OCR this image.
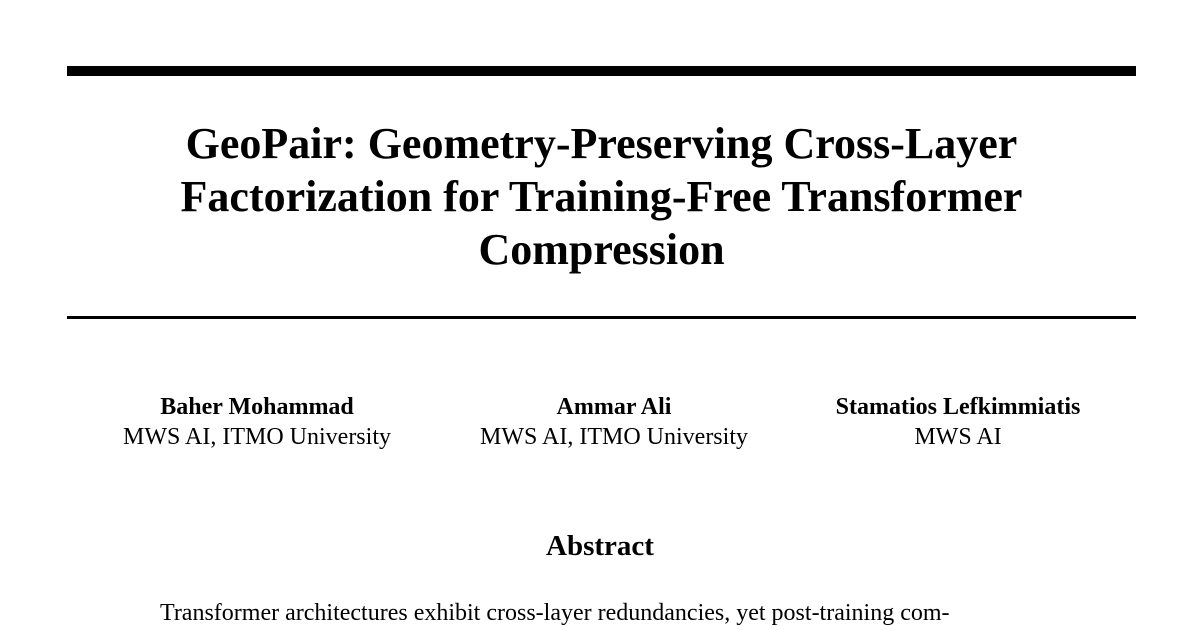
GeoPair: Geometry-Preserving Cross-Layer
Factorization for Training-Free Transformer
Compression
Baher Mohammad
MWS AI, ITMO University
Ammar Ali
MWS AI, ITMO University
Stamatios Lefkimmiatis
MWS AI
Abstract
Transformer architectures exhibit cross-layer redundancies, yet post-training com-
